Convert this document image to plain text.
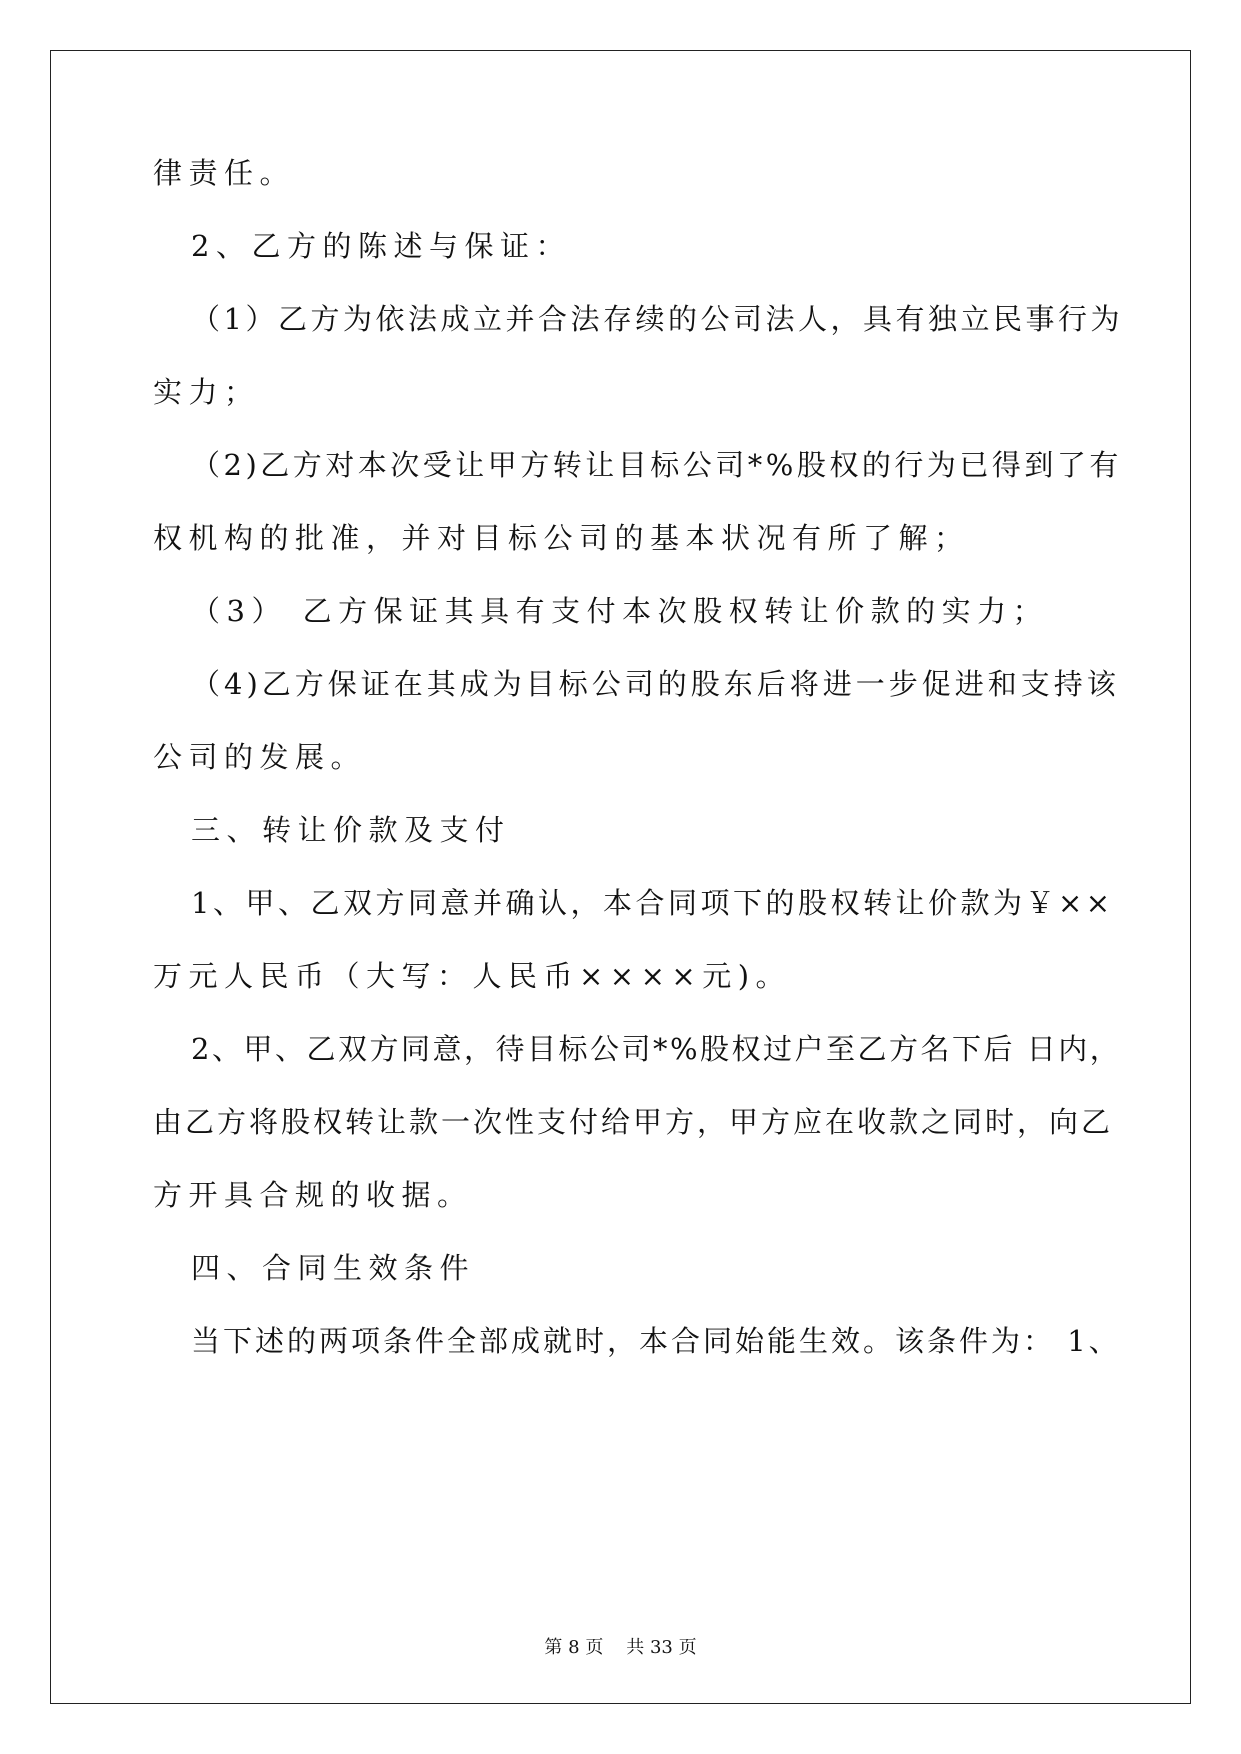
律责任。
2、乙方的陈述与保证：
（1）乙方为依法成立并合法存续的公司法人，具有独立民事行为
实力；
（2)乙方对本次受让甲方转让目标公司*%股权的行为已得到了有
权机构的批准，并对目标公司的基本状况有所了解；
（3） 乙方保证其具有支付本次股权转让价款的实力；
（4)乙方保证在其成为目标公司的股东后将进一步促进和支持该
公司的发展。
三、转让价款及支付
1、甲、乙双方同意并确认，本合同项下的股权转让价款为￥××
万元人民币（大写：人民币××××元)。
2、甲、乙双方同意，待目标公司*%股权过户至乙方名下后 日内，
由乙方将股权转让款一次性支付给甲方，甲方应在收款之同时，向乙
方开具合规的收据。
四、合同生效条件
当下述的两项条件全部成就时，本合同始能生效。该条件为： 1、
第 8 页 共 33 页
